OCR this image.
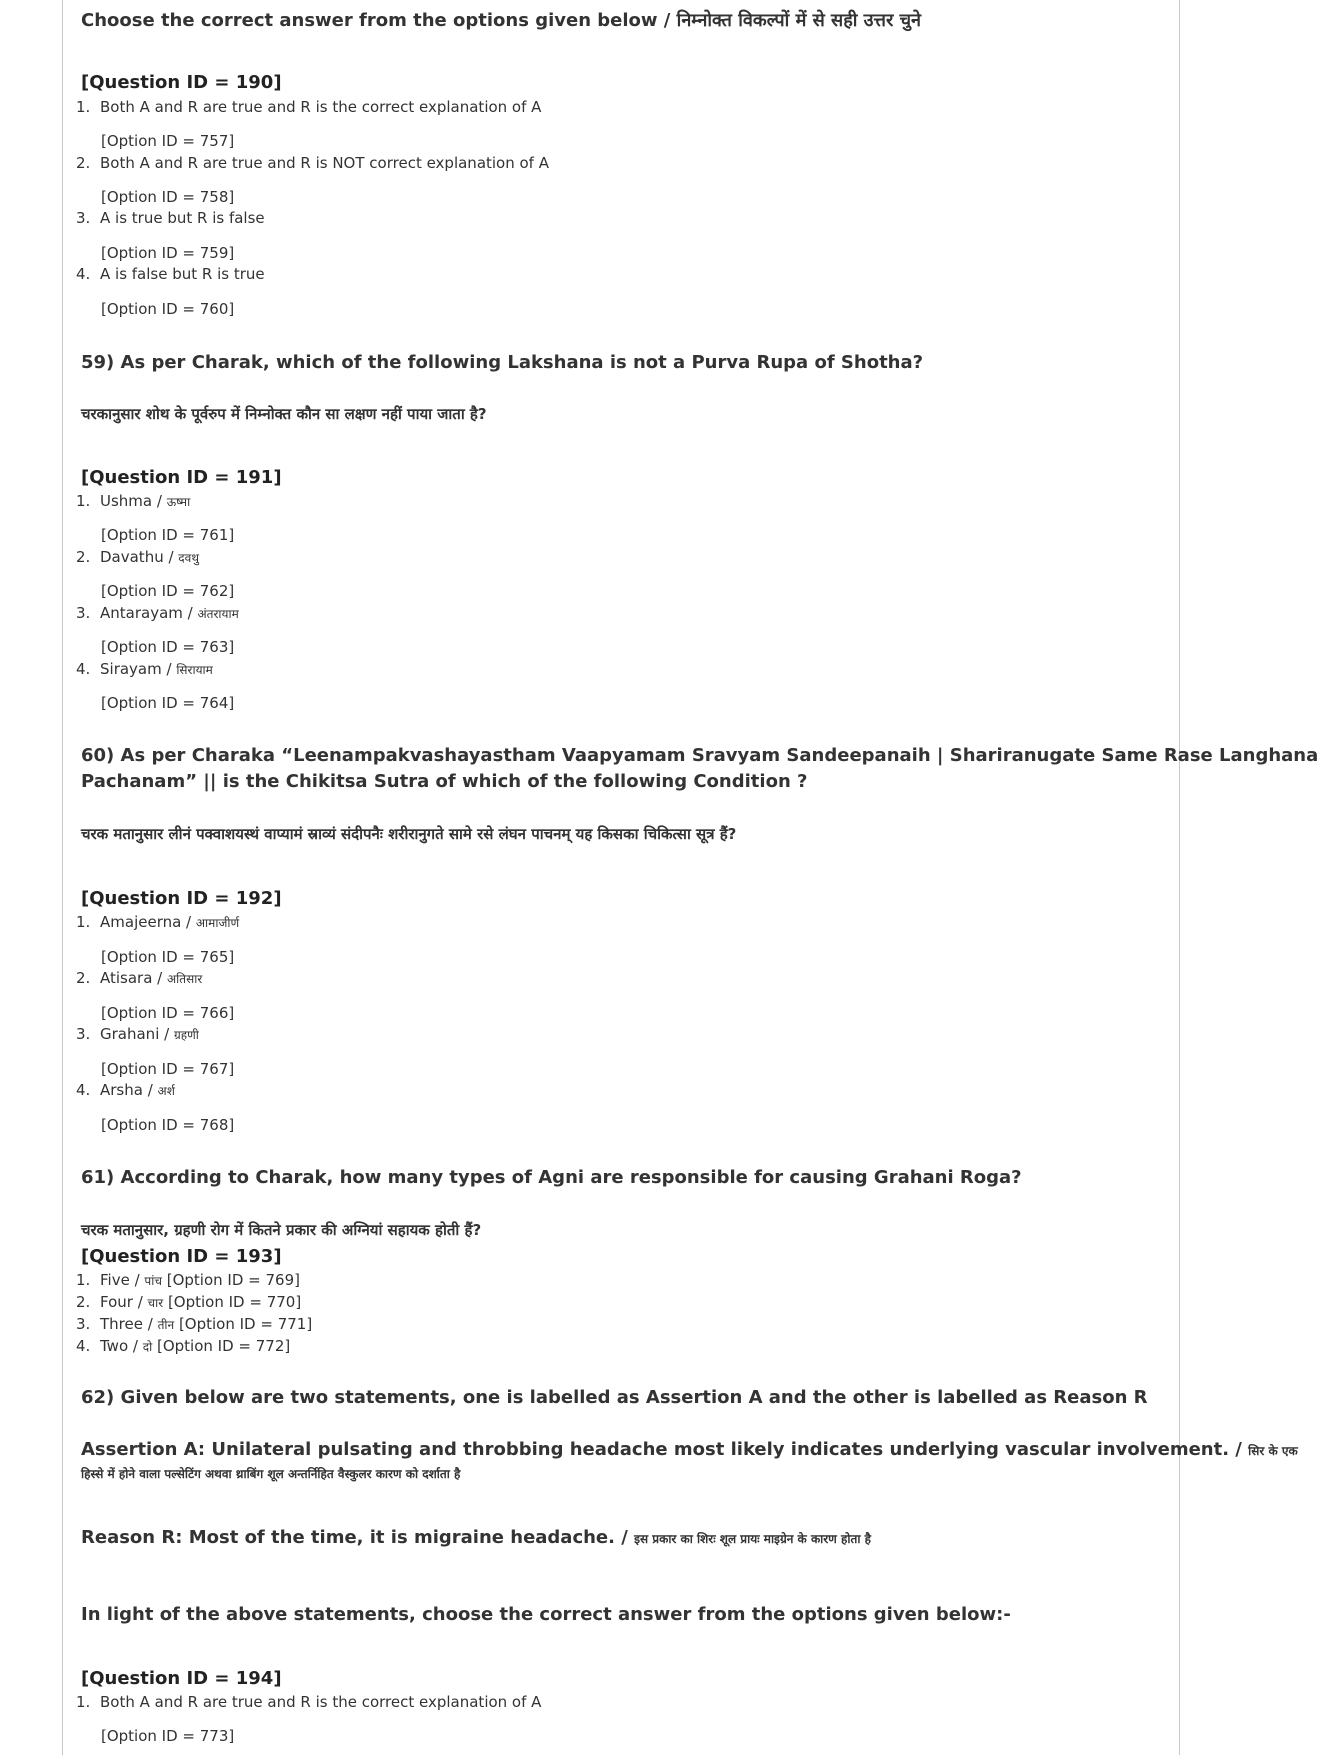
Choose the correct answer from the options given below / निम्नोक्त विकल्पों में से सही उत्तर चुने
[Question ID = 190]
1. Both A and R are true and R is the correct explanation of A
[Option ID = 757]
2. Both A and R are true and R is NOT correct explanation of A
[Option ID = 758]
3. A is true but R is false
[Option ID = 759]
4. A is false but R is true
[Option ID = 760]
59) As per Charak, which of the following Lakshana is not a Purva Rupa of Shotha?
चरकानुसार शोथ के पूर्वरुप में निम्नोक्त कौन सा लक्षण नहीं पाया जाता है?
[Question ID = 191]
1. Ushma / ऊष्मा
[Option ID = 761]
2. Davathu / दवथु
[Option ID = 762]
3. Antarayam / अंतरायाम
[Option ID = 763]
4. Sirayam / सिरायाम
[Option ID = 764]
60) As per Charaka “Leenampakvashayastham Vaapyamam Sravyam Sandeepanaih | Shariranugate Same Rase Langhana
Pachanam” || is the Chikitsa Sutra of which of the following Condition ?
चरक मतानुसार लीनं पक्वाशयस्थं वाप्यामं स्राव्यं संदीपनैः शरीरानुगते सामे रसे लंघन पाचनम् यह किसका चिकित्सा सूत्र हैं?
[Question ID = 192]
1. Amajeerna / आमाजीर्ण
[Option ID = 765]
2. Atisara / अतिसार
[Option ID = 766]
3. Grahani / ग्रहणी
[Option ID = 767]
4. Arsha / अर्श
[Option ID = 768]
61) According to Charak, how many types of Agni are responsible for causing Grahani Roga?
चरक मतानुसार, ग्रहणी रोग में कितने प्रकार की अग्नियां सहायक होती हैं?
[Question ID = 193]
1. Five / पांच [Option ID = 769]
2. Four / चार [Option ID = 770]
3. Three / तीन [Option ID = 771]
4. Two / दो [Option ID = 772]
62) Given below are two statements, one is labelled as Assertion A and the other is labelled as Reason R
Assertion A: Unilateral pulsating and throbbing headache most likely indicates underlying vascular involvement. / सिर के एक
हिस्से में होने वाला पल्सेटिंग अथवा थ्राबिंग शूल अन्तर्निहित वैस्कुलर कारण को दर्शाता है
Reason R: Most of the time, it is migraine headache. / इस प्रकार का शिरः शूल प्रायः माइग्रेन के कारण होता है
In light of the above statements, choose the correct answer from the options given below:-
[Question ID = 194]
1. Both A and R are true and R is the correct explanation of A
[Option ID = 773]
